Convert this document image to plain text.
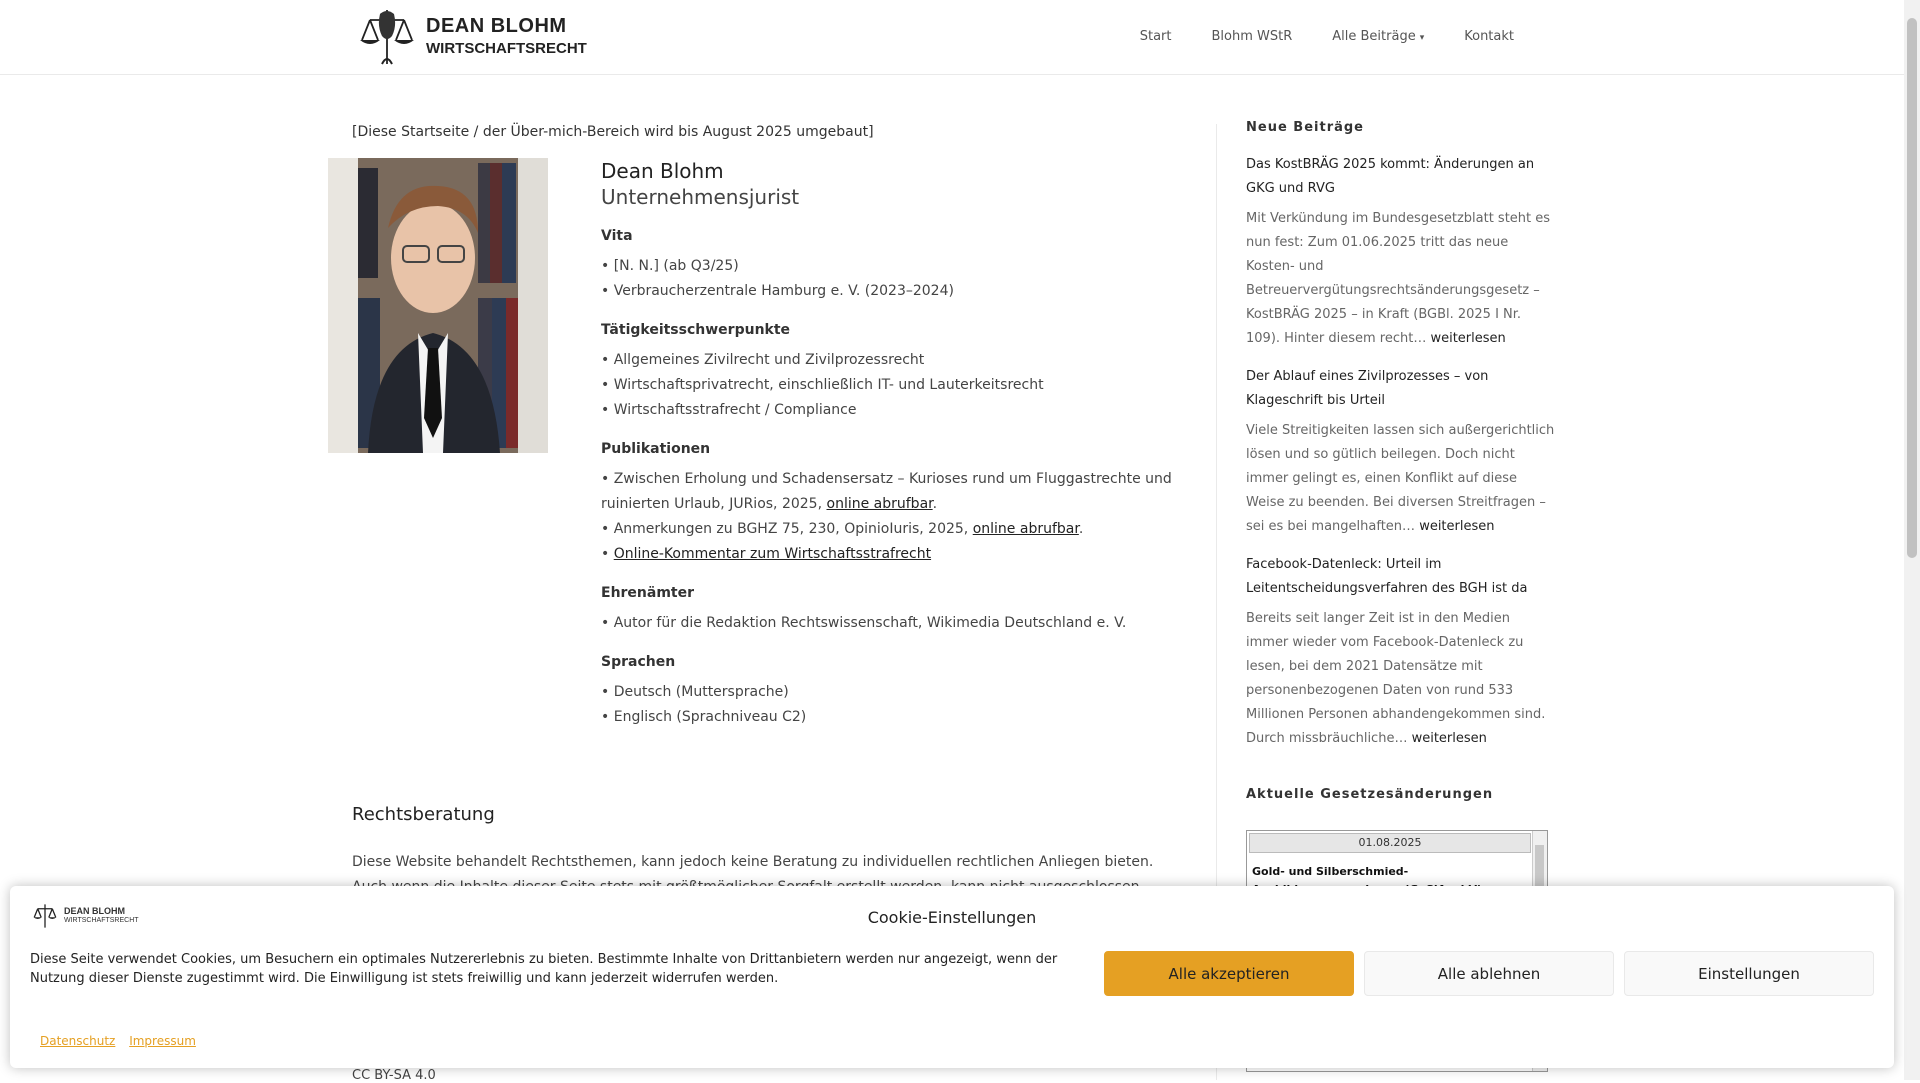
DEAN BLOHM
WIRTSCHAFTSRECHT
Start	Blohm WStR	Alle Beiträge ▾	Kontakt
[Diese Startseite / der Über-mich-Bereich wird bis August 2025 umgebaut]
Dean Blohm
Unternehmensjurist
Vita
• [N. N.] (ab Q3/25)
• Verbraucherzentrale Hamburg e. V. (2023–2024)
Tätigkeitsschwerpunkte
• Allgemeines Zivilrecht und Zivilprozessrecht
• Wirtschaftsprivatrecht, einschließlich IT- und Lauterkeitsrecht
• Wirtschaftsstrafrecht / Compliance
Publikationen
• Zwischen Erholung und Schadensersatz – Kurioses rund um Fluggastrechte und ruinierten Urlaub, JURios, 2025, online abrufbar.
• Anmerkungen zu BGHZ 75, 230, OpinioIuris, 2025, online abrufbar.
• Online-Kommentar zum Wirtschaftsstrafrecht
Ehrenämter
• Autor für die Redaktion Rechtswissenschaft, Wikimedia Deutschland e. V.
Sprachen
• Deutsch (Muttersprache)
• Englisch (Sprachniveau C2)
Rechtsberatung
Diese Website behandelt Rechtsthemen, kann jedoch keine Beratung zu individuellen rechtlichen Anliegen bieten.
CC BY-SA 4.0
Neue Beiträge
Das KostBRÄG 2025 kommt: Änderungen an GKG und RVG
Mit Verkündung im Bundesgesetzblatt steht es nun fest: Zum 01.06.2025 tritt das neue Kosten- und Betreuervergütungsrechtsänderungsgesetz – KostBRÄG 2025 – in Kraft (BGBl. 2025 I Nr. 109). Hinter diesem recht… weiterlesen
Der Ablauf eines Zivilprozesses – von Klageschrift bis Urteil
Viele Streitigkeiten lassen sich außergerichtlich lösen und so gütlich beilegen. Doch nicht immer gelingt es, einen Konflikt auf diese Weise zu beenden. Bei diversen Streitfragen – sei es bei mangelhaften… weiterlesen
Facebook-Datenleck: Urteil im Leitentscheidungsverfahren des BGH ist da
Bereits seit langer Zeit ist in den Medien immer wieder vom Facebook-Datenleck zu lesen, bei dem 2021 Datensätze mit personenbezogenen Daten von rund 533 Millionen Personen abhandengekommen sind. Durch missbräuchliche… weiterlesen
Aktuelle Gesetzesänderungen
01.08.2025
Gold- und Silberschmied-
DEAN BLOHM
WIRTSCHAFTSRECHT	Cookie-Einstellungen
Diese Seite verwendet Cookies, um Besuchern ein optimales Nutzererlebnis zu bieten. Bestimmte Inhalte von Drittanbietern werden nur angezeigt, wenn der Nutzung dieser Dienste zugestimmt wird. Die Einwilligung ist stets freiwillig und kann jederzeit widerrufen werden.	Alle akzeptieren	Alle ablehnen	Einstellungen
Datenschutz Impressum
